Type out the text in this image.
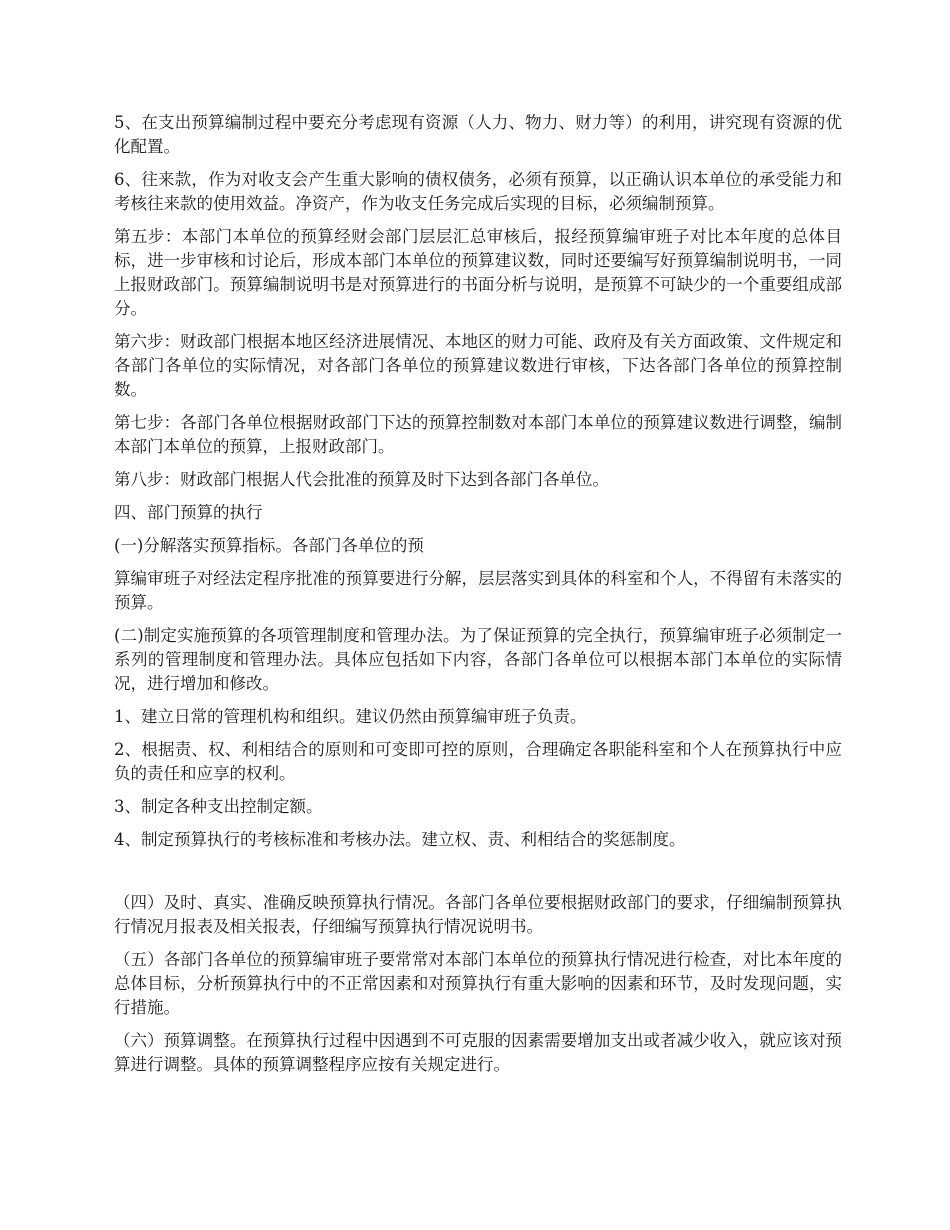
5、在支出预算编制过程中要充分考虑现有资源（人力、物力、财力等）的利用，讲究现有资源的优化配置。

6、往来款，作为对收支会产生重大影响的债权债务，必须有预算，以正确认识本单位的承受能力和考核往来款的使用效益。净资产，作为收支任务完成后实现的目标，必须编制预算。

第五步：本部门本单位的预算经财会部门层层汇总审核后，报经预算编审班子对比本年度的总体目标，进一步审核和讨论后，形成本部门本单位的预算建议数，同时还要编写好预算编制说明书，一同上报财政部门。预算编制说明书是对预算进行的书面分析与说明，是预算不可缺少的一个重要组成部分。

第六步：财政部门根据本地区经济进展情况、本地区的财力可能、政府及有关方面政策、文件规定和各部门各单位的实际情况，对各部门各单位的预算建议数进行审核，下达各部门各单位的预算控制数。

第七步：各部门各单位根据财政部门下达的预算控制数对本部门本单位的预算建议数进行调整，编制本部门本单位的预算，上报财政部门。

第八步：财政部门根据人代会批准的预算及时下达到各部门各单位。

四、部门预算的执行

(一)分解落实预算指标。各部门各单位的预

算编审班子对经法定程序批准的预算要进行分解，层层落实到具体的科室和个人，不得留有未落实的预算。

(二)制定实施预算的各项管理制度和管理办法。为了保证预算的完全执行，预算编审班子必须制定一系列的管理制度和管理办法。具体应包括如下内容，各部门各单位可以根据本部门本单位的实际情况，进行增加和修改。

1、建立日常的管理机构和组织。建议仍然由预算编审班子负责。

2、根据责、权、利相结合的原则和可变即可控的原则，合理确定各职能科室和个人在预算执行中应负的责任和应享的权利。

3、制定各种支出控制定额。

4、制定预算执行的考核标准和考核办法。建立权、责、利相结合的奖惩制度。

（四）及时、真实、准确反映预算执行情况。各部门各单位要根据财政部门的要求，仔细编制预算执行情况月报表及相关报表，仔细编写预算执行情况说明书。

（五）各部门各单位的预算编审班子要常常对本部门本单位的预算执行情况进行检查，对比本年度的总体目标，分析预算执行中的不正常因素和对预算执行有重大影响的因素和环节，及时发现问题，实行措施。

（六）预算调整。在预算执行过程中因遇到不可克服的因素需要增加支出或者减少收入，就应该对预算进行调整。具体的预算调整程序应按有关规定进行。
